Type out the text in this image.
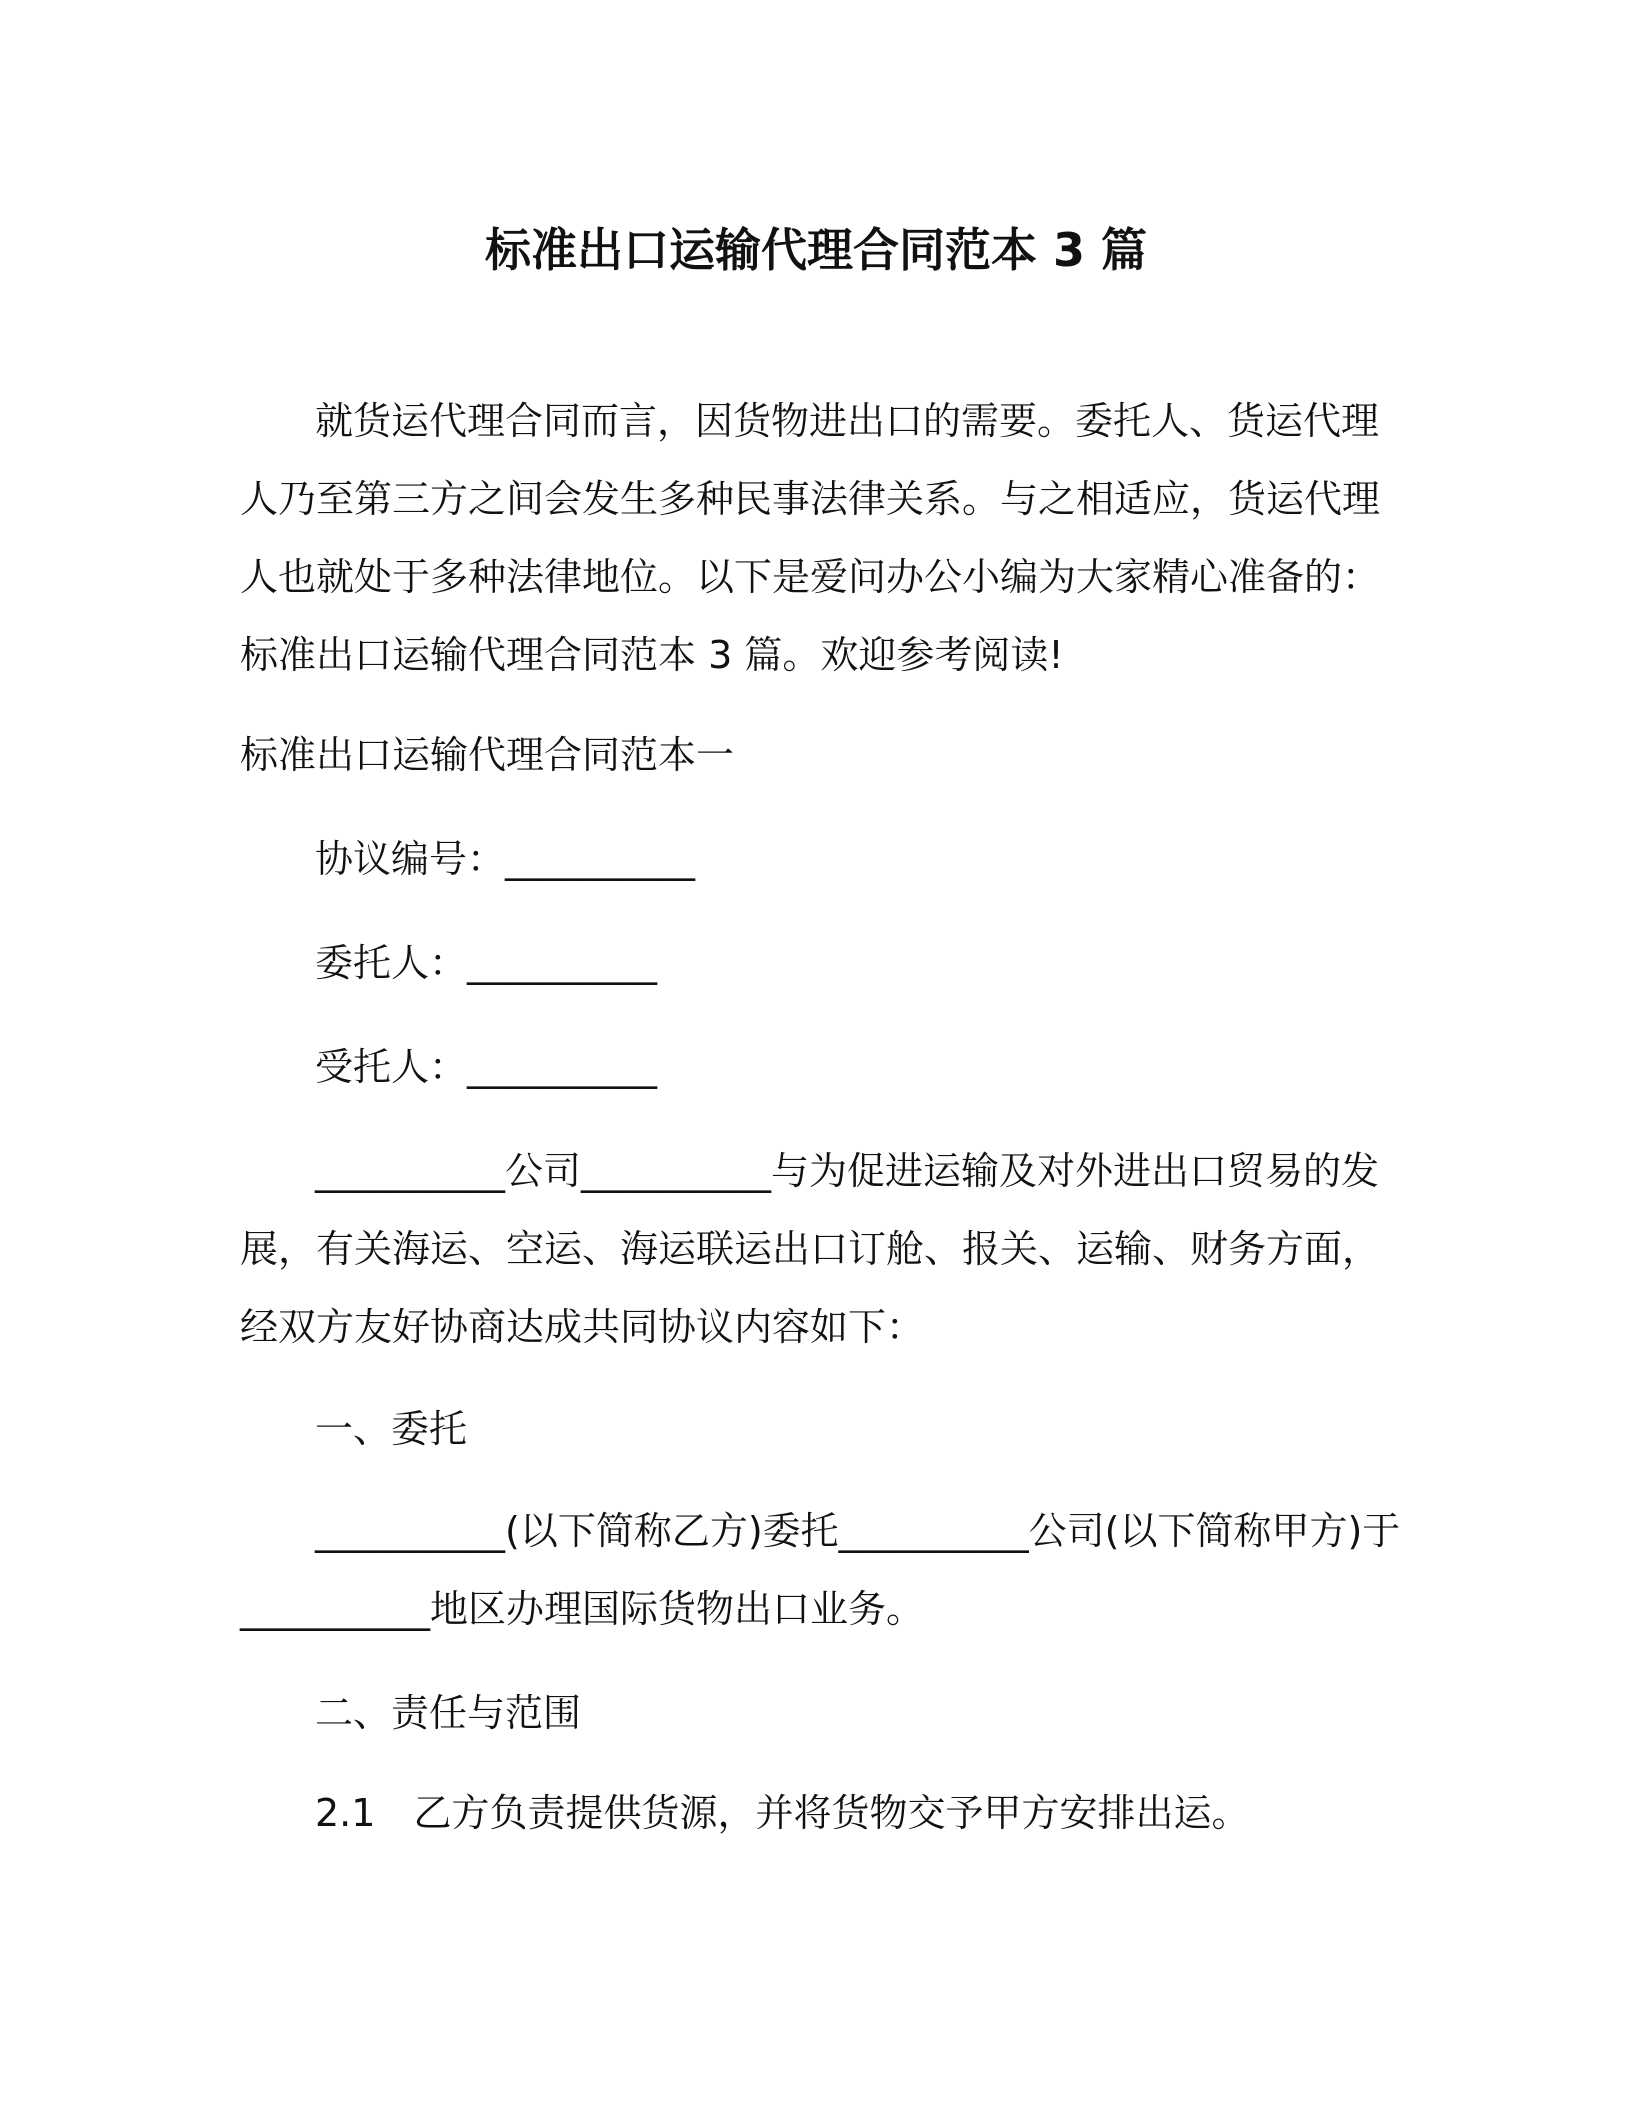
标准出口运输代理合同范本 3 篇

就货运代理合同而言，因货物进出口的需要。委托人、货运代理

人乃至第三方之间会发生多种民事法律关系。与之相适应，货运代理

人也就处于多种法律地位。以下是爱问办公小编为大家精心准备的：

标准出口运输代理合同范本 3 篇。欢迎参考阅读!

标准出口运输代理合同范本一

协议编号：__________

委托人：__________

受托人：__________

__________公司__________与为促进运输及对外进出口贸易的发

展，有关海运、空运、海运联运出口订舱、报关、运输、财务方面，

经双方友好协商达成共同协议内容如下：

一、委托

__________(以下简称乙方)委托__________公司(以下简称甲方)于

__________地区办理国际货物出口业务。

二、责任与范围

2.1 乙方负责提供货源，并将货物交予甲方安排出运。
